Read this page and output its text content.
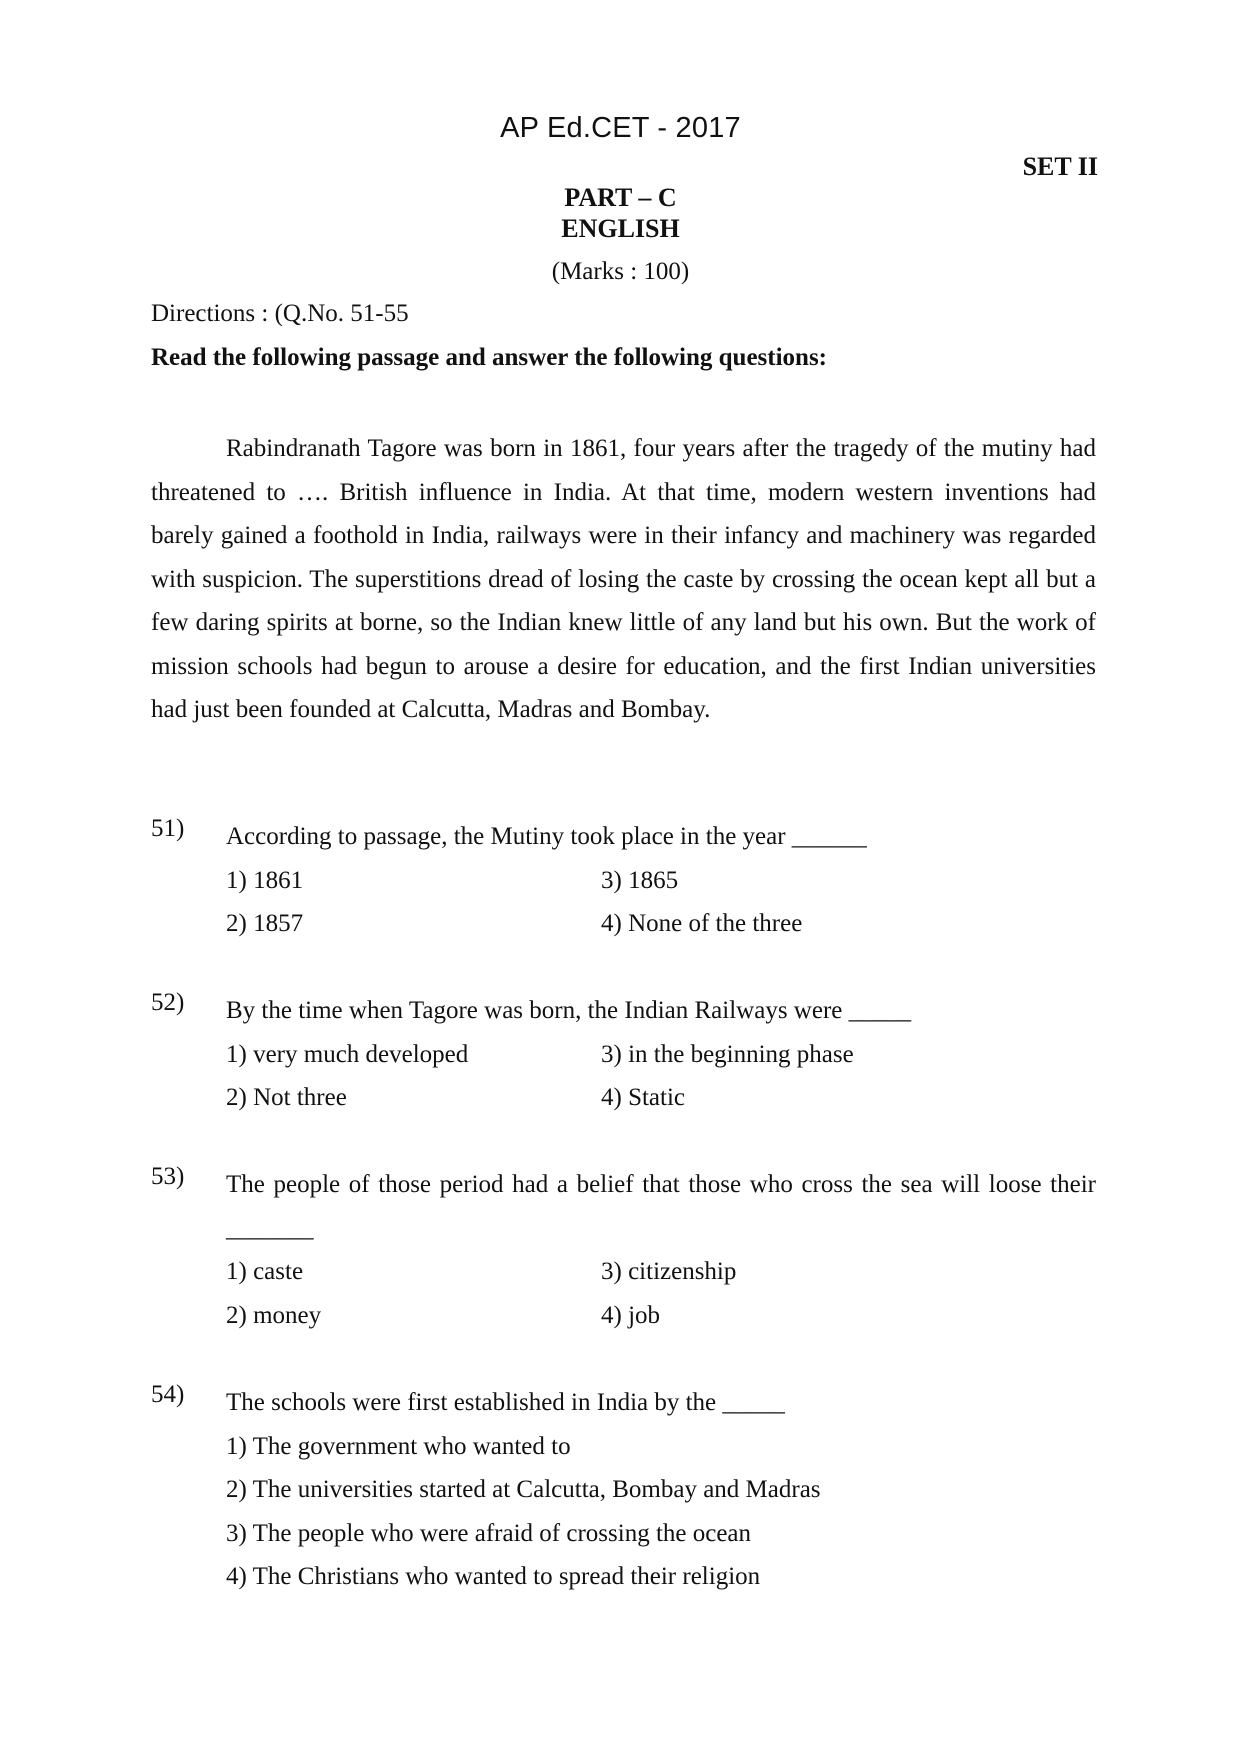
AP Ed.CET - 2017
SET II
PART – C
ENGLISH
(Marks : 100)
Directions : (Q.No. 51-55
Read the following passage and answer the following questions:

Rabindranath Tagore was born in 1861, four years after the tragedy of the mutiny had threatened to …. British influence in India. At that time, modern western inventions had barely gained a foothold in India, railways were in their infancy and machinery was regarded with suspicion. The superstitions dread of losing the caste by crossing the ocean kept all but a few daring spirits at borne, so the Indian knew little of any land but his own. But the work of mission schools had begun to arouse a desire for education, and the first Indian universities had just been founded at Calcutta, Madras and Bombay.

51) According to passage, the Mutiny took place in the year ______
1) 1861	3) 1865
2) 1857	4) None of the three
52) By the time when Tagore was born, the Indian Railways were _____
1) very much developed	3) in the beginning phase
2) Not three	4) Static
53) The people of those period had a belief that those who cross the sea will loose their _______
1) caste	3) citizenship
2) money	4) job
54) The schools were first established in India by the _____
1) The government who wanted to
2) The universities started at Calcutta, Bombay and Madras
3) The people who were afraid of crossing the ocean
4) The Christians who wanted to spread their religion
